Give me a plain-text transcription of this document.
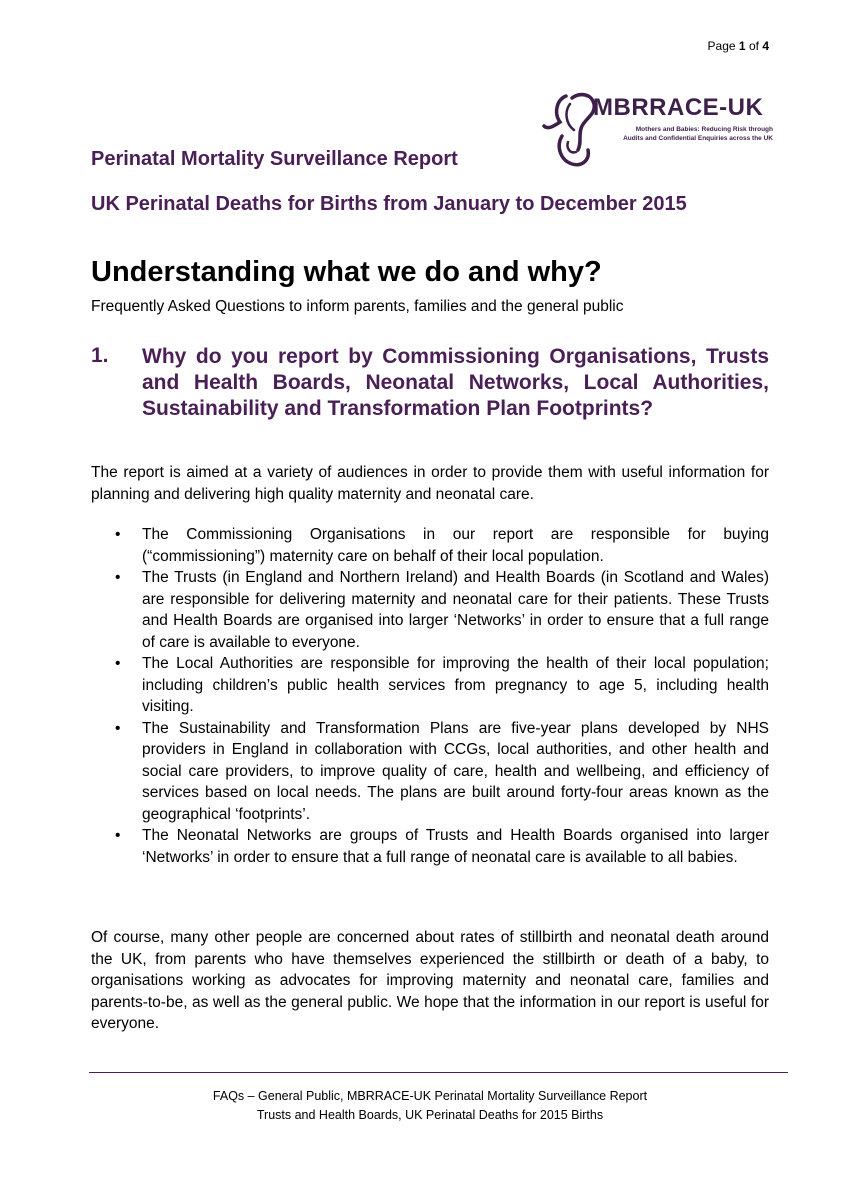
Page 1 of 4
MBRRACE-UK
Mothers and Babies: Reducing Risk through
Audits and Confidential Enquiries across the UK
Perinatal Mortality Surveillance Report
UK Perinatal Deaths for Births from January to December 2015
Understanding what we do and why?
Frequently Asked Questions to inform parents, families and the general public
1. Why do you report by Commissioning Organisations, Trusts and Health Boards, Neonatal Networks, Local Authorities, Sustainability and Transformation Plan Footprints?
The report is aimed at a variety of audiences in order to provide them with useful information for planning and delivering high quality maternity and neonatal care.
• The Commissioning Organisations in our report are responsible for buying (“commissioning”) maternity care on behalf of their local population.
• The Trusts (in England and Northern Ireland) and Health Boards (in Scotland and Wales) are responsible for delivering maternity and neonatal care for their patients. These Trusts and Health Boards are organised into larger ‘Networks’ in order to ensure that a full range of care is available to everyone.
• The Local Authorities are responsible for improving the health of their local population; including children’s public health services from pregnancy to age 5, including health visiting.
• The Sustainability and Transformation Plans are five-year plans developed by NHS providers in England in collaboration with CCGs, local authorities, and other health and social care providers, to improve quality of care, health and wellbeing, and efficiency of services based on local needs. The plans are built around forty-four areas known as the geographical ‘footprints’.
• The Neonatal Networks are groups of Trusts and Health Boards organised into larger ‘Networks’ in order to ensure that a full range of neonatal care is available to all babies.
Of course, many other people are concerned about rates of stillbirth and neonatal death around the UK, from parents who have themselves experienced the stillbirth or death of a baby, to organisations working as advocates for improving maternity and neonatal care, families and parents-to-be, as well as the general public. We hope that the information in our report is useful for everyone.
FAQs – General Public, MBRRACE-UK Perinatal Mortality Surveillance Report
Trusts and Health Boards, UK Perinatal Deaths for 2015 Births
